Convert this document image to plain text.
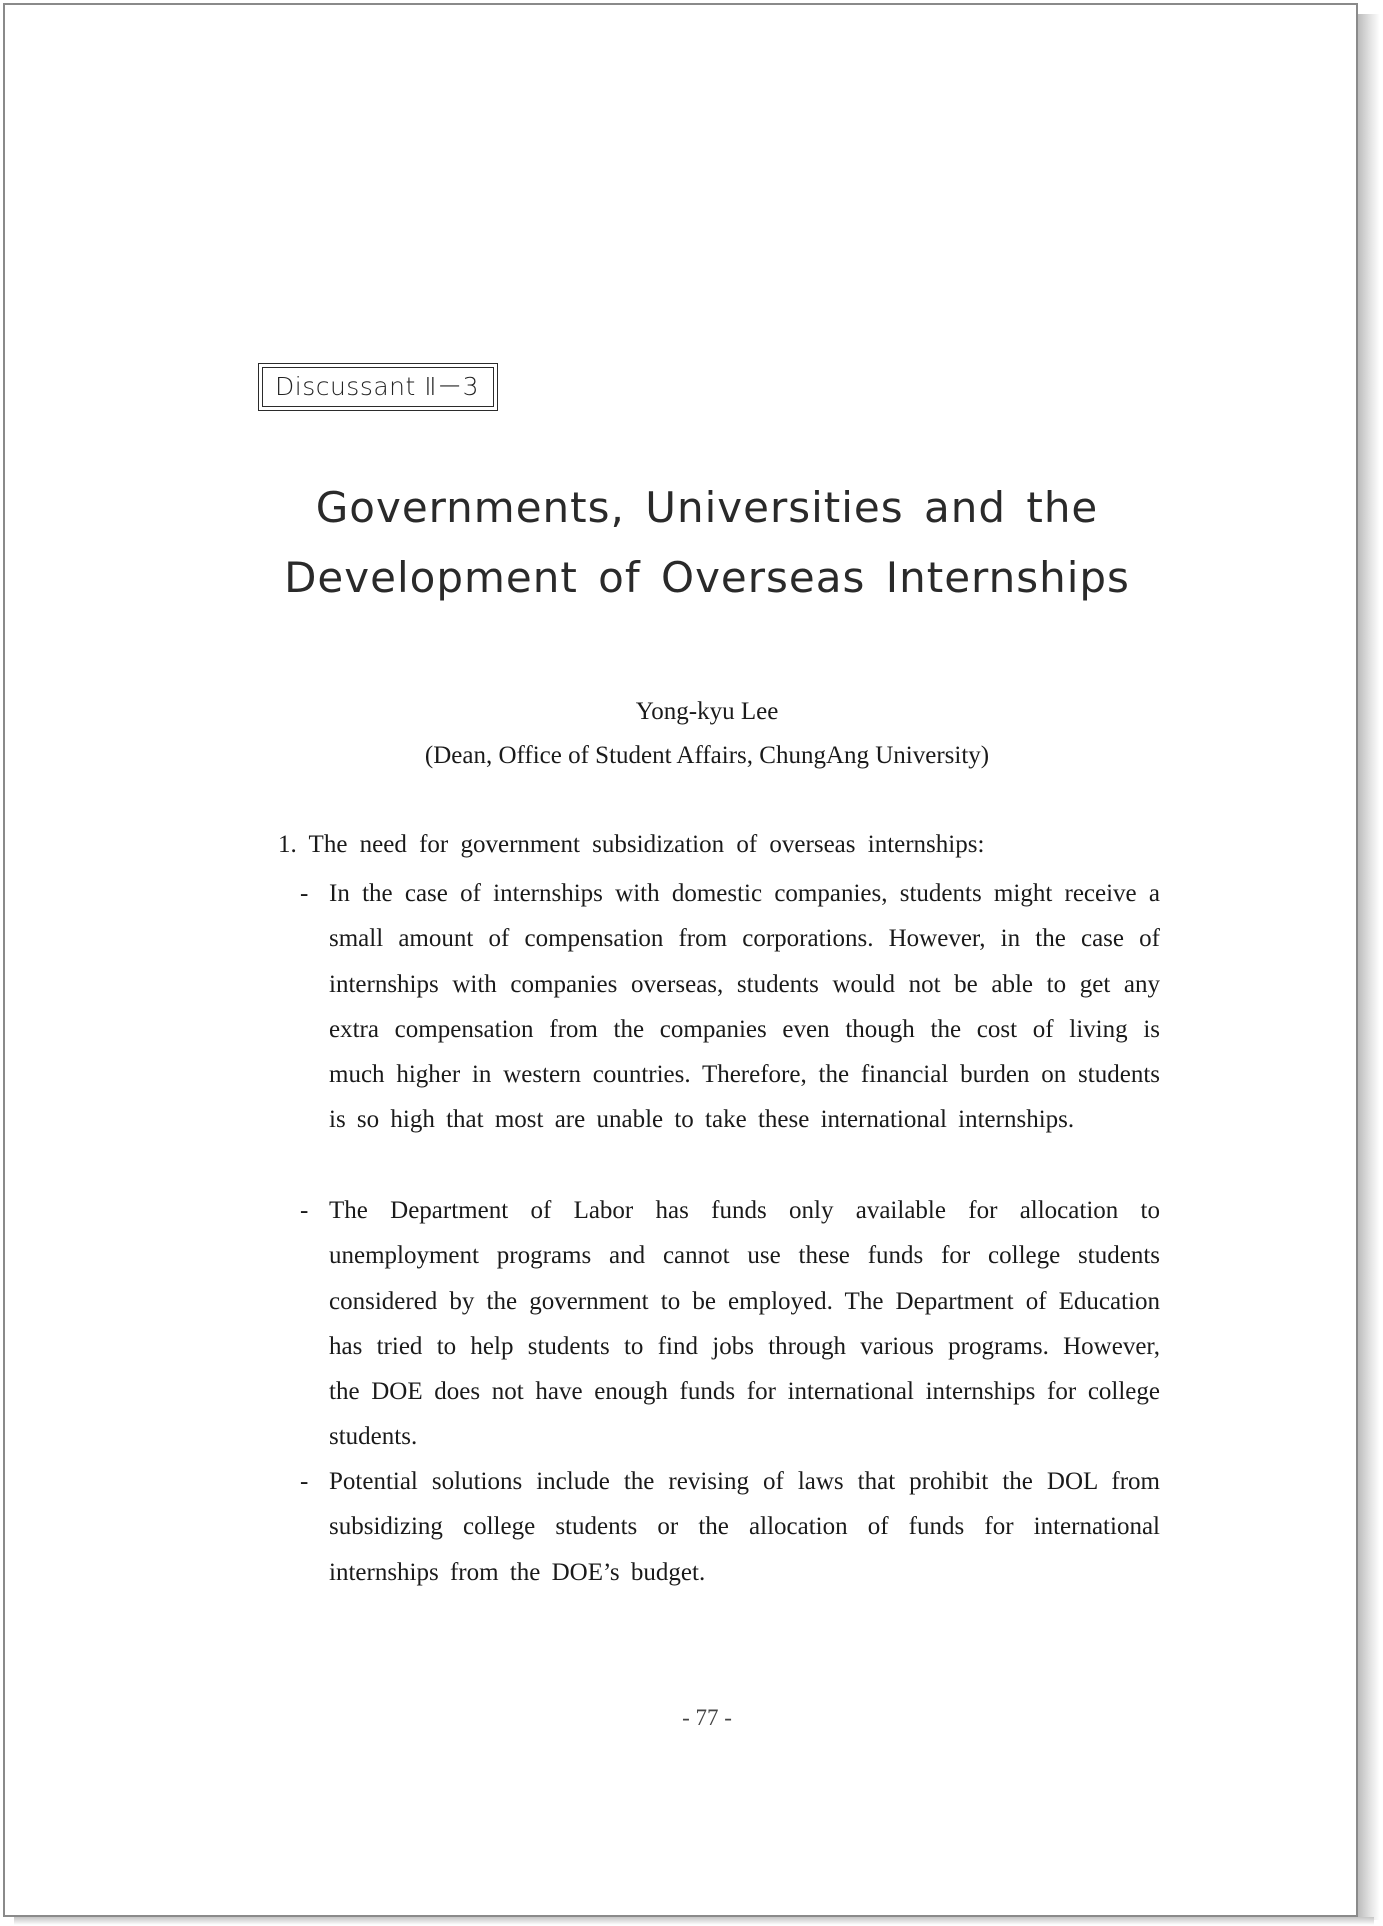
Discussant Ⅱ－3
Governments, Universities and the
Development of Overseas Internships

Yong-kyu Lee

(Dean, Office of Student Affairs, ChungAng University)

1. The need for government subsidization of overseas internships:

- In the case of internships with domestic companies, students might receive a small amount of compensation from corporations. However, in the case of internships with companies overseas, students would not be able to get any extra compensation from the companies even though the cost of living is much higher in western countries. Therefore, the financial burden on students is so high that most are unable to take these international internships.
- The Department of Labor has funds only available for allocation to unemployment programs and cannot use these funds for college students considered by the government to be employed. The Department of Education has tried to help students to find jobs through various programs. However, the DOE does not have enough funds for international internships for college students.
- Potential solutions include the revising of laws that prohibit the DOL from subsidizing college students or the allocation of funds for international internships from the DOE’s budget.

- 77 -
